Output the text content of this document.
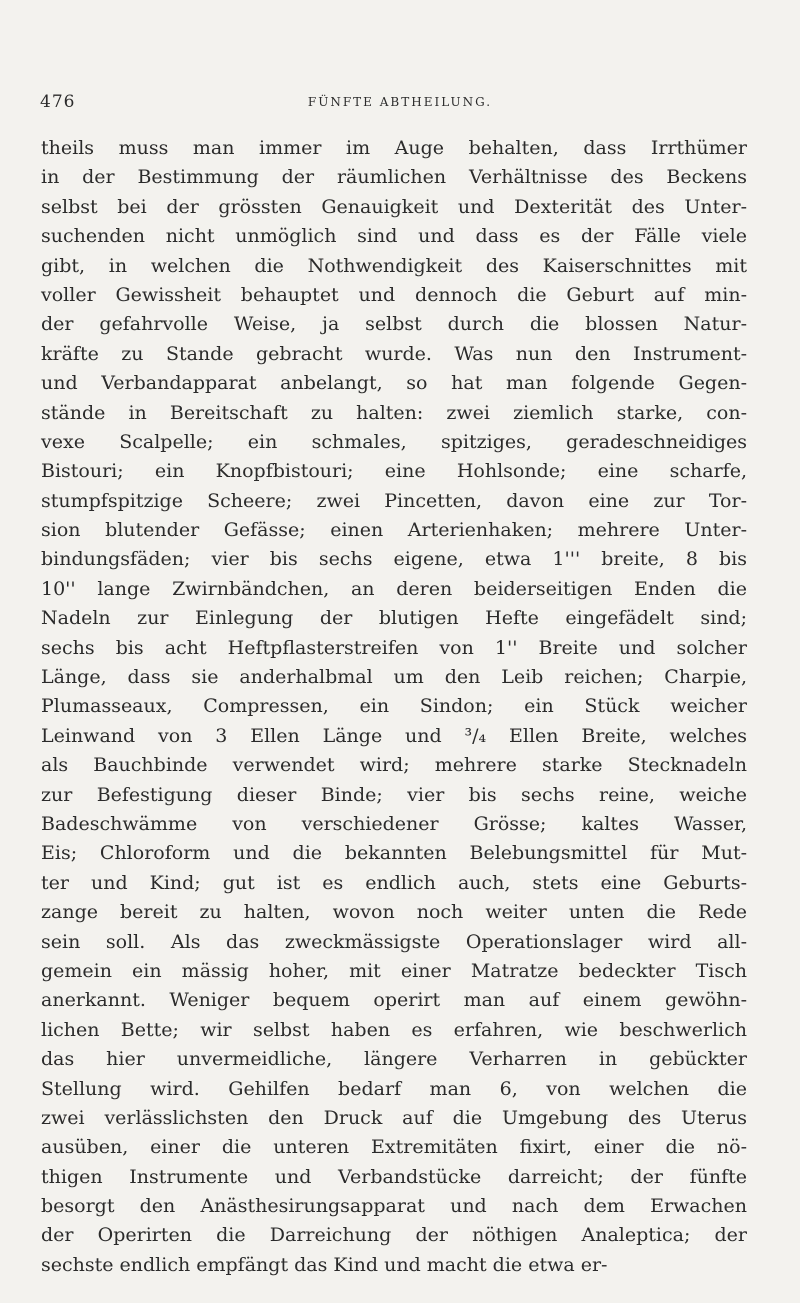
476	FÜNFTE ABTHEILUNG.
theils muss man immer im Auge behalten, dass Irrthümer
in der Bestimmung der räumlichen Verhältnisse des Beckens
selbst bei der grössten Genauigkeit und Dexterität des Unter-
suchenden nicht unmöglich sind und dass es der Fälle viele
gibt, in welchen die Nothwendigkeit des Kaiserschnittes mit
voller Gewissheit behauptet und dennoch die Geburt auf min-
der gefahrvolle Weise, ja selbst durch die blossen Natur-
kräfte zu Stande gebracht wurde. Was nun den Instrument-
und Verbandapparat anbelangt, so hat man folgende Gegen-
stände in Bereitschaft zu halten: zwei ziemlich starke, con-
vexe Scalpelle; ein schmales, spitziges, geradeschneidiges
Bistouri; ein Knopfbistouri; eine Hohlsonde; eine scharfe,
stumpfspitzige Scheere; zwei Pincetten, davon eine zur Tor-
sion blutender Gefässe; einen Arterienhaken; mehrere Unter-
bindungsfäden; vier bis sechs eigene, etwa 1''' breite, 8 bis
10'' lange Zwirnbändchen, an deren beiderseitigen Enden die
Nadeln zur Einlegung der blutigen Hefte eingefädelt sind;
sechs bis acht Heftpflasterstreifen von 1'' Breite und solcher
Länge, dass sie anderhalbmal um den Leib reichen; Charpie,
Plumasseaux, Compressen, ein Sindon; ein Stück weicher
Leinwand von 3 Ellen Länge und ³/₄ Ellen Breite, welches
als Bauchbinde verwendet wird; mehrere starke Stecknadeln
zur Befestigung dieser Binde; vier bis sechs reine, weiche
Badeschwämme von verschiedener Grösse; kaltes Wasser,
Eis; Chloroform und die bekannten Belebungsmittel für Mut-
ter und Kind; gut ist es endlich auch, stets eine Geburts-
zange bereit zu halten, wovon noch weiter unten die Rede
sein soll. Als das zweckmässigste Operationslager wird all-
gemein ein mässig hoher, mit einer Matratze bedeckter Tisch
anerkannt. Weniger bequem operirt man auf einem gewöhn-
lichen Bette; wir selbst haben es erfahren, wie beschwerlich
das hier unvermeidliche, längere Verharren in gebückter
Stellung wird. Gehilfen bedarf man 6, von welchen die
zwei verlässlichsten den Druck auf die Umgebung des Uterus
ausüben, einer die unteren Extremitäten fixirt, einer die nö-
thigen Instrumente und Verbandstücke darreicht; der fünfte
besorgt den Anästhesirungsapparat und nach dem Erwachen
der Operirten die Darreichung der nöthigen Analeptica; der
sechste endlich empfängt das Kind und macht die etwa er-
